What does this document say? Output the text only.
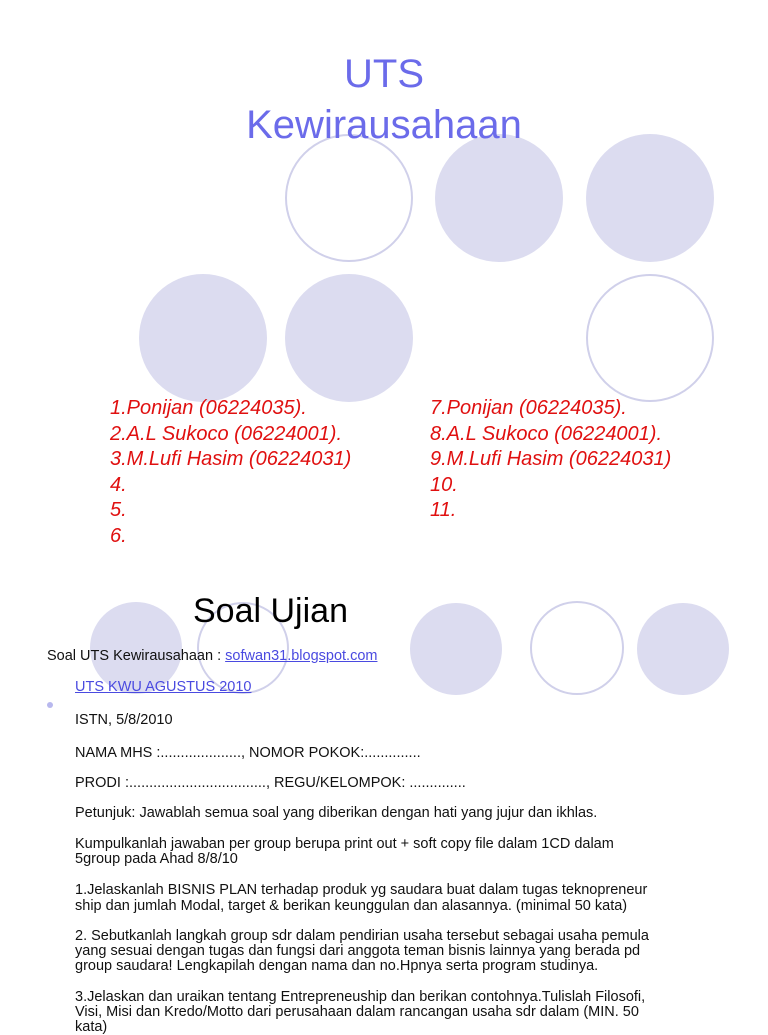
UTS
Kewirausahaan
1.Ponijan (06224035).
2.A.L Sukoco (06224001).
3.M.Lufi Hasim (06224031)
4.
5.
6.
7.Ponijan (06224035).
8.A.L Sukoco (06224001).
9.M.Lufi Hasim (06224031)
10.
11.
Soal Ujian
Soal UTS Kewirausahaan : sofwan31.blogspot.com
UTS KWU AGUSTUS 2010
ISTN, 5/8/2010
NAMA MHS :...................., NOMOR POKOK:..............
PRODI :.................................., REGU/KELOMPOK: ..............
Petunjuk: Jawablah semua soal yang diberikan dengan hati yang jujur dan ikhlas.
Kumpulkanlah jawaban per group berupa print out + soft copy file dalam 1CD dalam
5group pada Ahad 8/8/10
1.Jelaskanlah BISNIS PLAN terhadap produk yg saudara buat dalam tugas teknopreneur
ship dan jumlah Modal, target & berikan keunggulan dan alasannya. (minimal 50 kata)
2. Sebutkanlah langkah group sdr dalam pendirian usaha tersebut sebagai usaha pemula
yang sesuai dengan tugas dan fungsi dari anggota teman bisnis lainnya yang berada pd
group saudara! Lengkapilah dengan nama dan no.Hpnya serta program studinya.
3.Jelaskan dan uraikan tentang Entrepreneuship dan berikan contohnya.Tulislah Filosofi,
Visi, Misi dan Kredo/Motto dari perusahaan dalam rancangan usaha sdr dalam (MIN. 50
kata)
